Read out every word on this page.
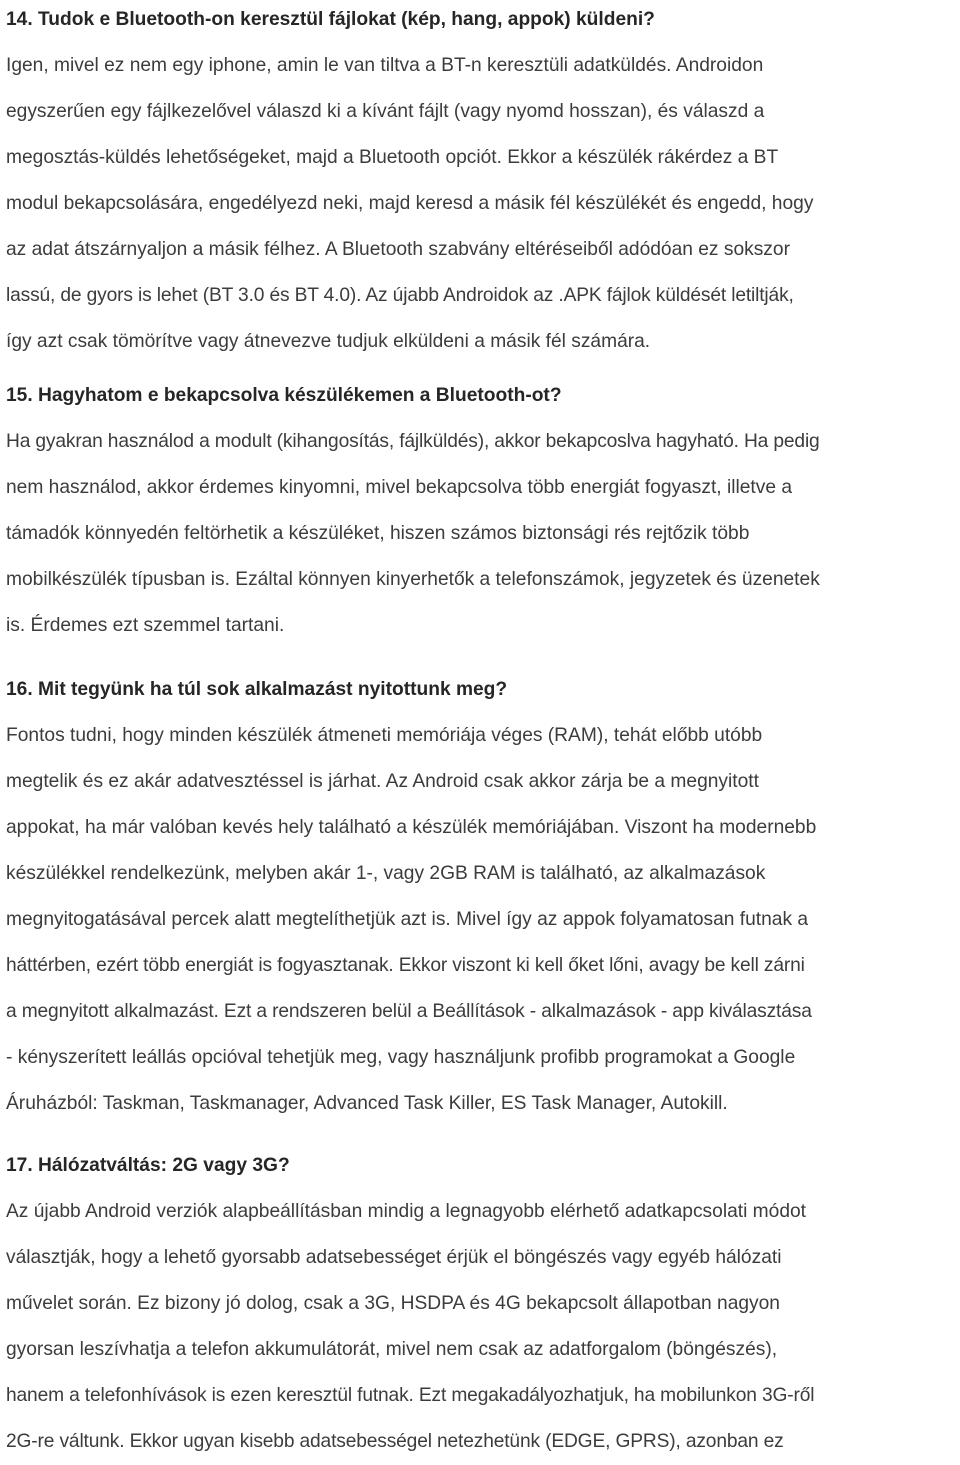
14. Tudok e Bluetooth-on keresztül fájlokat (kép, hang, appok) küldeni?
Igen, mivel ez nem egy iphone, amin le van tiltva a BT-n keresztüli adatküldés. Androidon
egyszerűen egy fájlkezelővel válaszd ki a kívánt fájlt (vagy nyomd hosszan), és válaszd a
megosztás-küldés lehetőségeket, majd a Bluetooth opciót. Ekkor a készülék rákérdez a BT
modul bekapcsolására, engedélyezd neki, majd keresd a másik fél készülékét és engedd, hogy
az adat átszárnyaljon a másik félhez. A Bluetooth szabvány eltéréseiből adódóan ez sokszor
lassú, de gyors is lehet (BT 3.0 és BT 4.0). Az újabb Androidok az .APK fájlok küldését letiltják,
így azt csak tömörítve vagy átnevezve tudjuk elküldeni a másik fél számára.
15. Hagyhatom e bekapcsolva készülékemen a Bluetooth-ot?
Ha gyakran használod a modult (kihangosítás, fájlküldés), akkor bekapcoslva hagyható. Ha pedig
nem használod, akkor érdemes kinyomni, mivel bekapcsolva több energiát fogyaszt, illetve a
támadók könnyedén feltörhetik a készüléket, hiszen számos biztonsági rés rejtőzik több
mobilkészülék típusban is. Ezáltal könnyen kinyerhetők a telefonszámok, jegyzetek és üzenetek
is. Érdemes ezt szemmel tartani.
16. Mit tegyünk ha túl sok alkalmazást nyitottunk meg?
Fontos tudni, hogy minden készülék átmeneti memóriája véges (RAM), tehát előbb utóbb
megtelik és ez akár adatvesztéssel is járhat. Az Android csak akkor zárja be a megnyitott
appokat, ha már valóban kevés hely található a készülék memóriájában. Viszont ha modernebb
készülékkel rendelkezünk, melyben akár 1-, vagy 2GB RAM is található, az alkalmazások
megnyitogatásával percek alatt megtelíthetjük azt is. Mivel így az appok folyamatosan futnak a
háttérben, ezért több energiát is fogyasztanak. Ekkor viszont ki kell őket lőni, avagy be kell zárni
a megnyitott alkalmazást. Ezt a rendszeren belül a Beállítások - alkalmazások - app kiválasztása
- kényszerített leállás opcióval tehetjük meg, vagy használjunk profibb programokat a Google
Áruházból: Taskman, Taskmanager, Advanced Task Killer, ES Task Manager, Autokill.
17. Hálózatváltás: 2G vagy 3G?
Az újabb Android verziók alapbeállításban mindig a legnagyobb elérhető adatkapcsolati módot
választják, hogy a lehető gyorsabb adatsebességet érjük el böngészés vagy egyéb hálózati
művelet során. Ez bizony jó dolog, csak a 3G, HSDPA és 4G bekapcsolt állapotban nagyon
gyorsan leszívhatja a telefon akkumulátorát, mivel nem csak az adatforgalom (böngészés),
hanem a telefonhívások is ezen keresztül futnak. Ezt megakadályozhatjuk, ha mobilunkon 3G-ről
2G-re váltunk. Ekkor ugyan kisebb adatsebességel netezhetünk (EDGE, GPRS), azonban ez
